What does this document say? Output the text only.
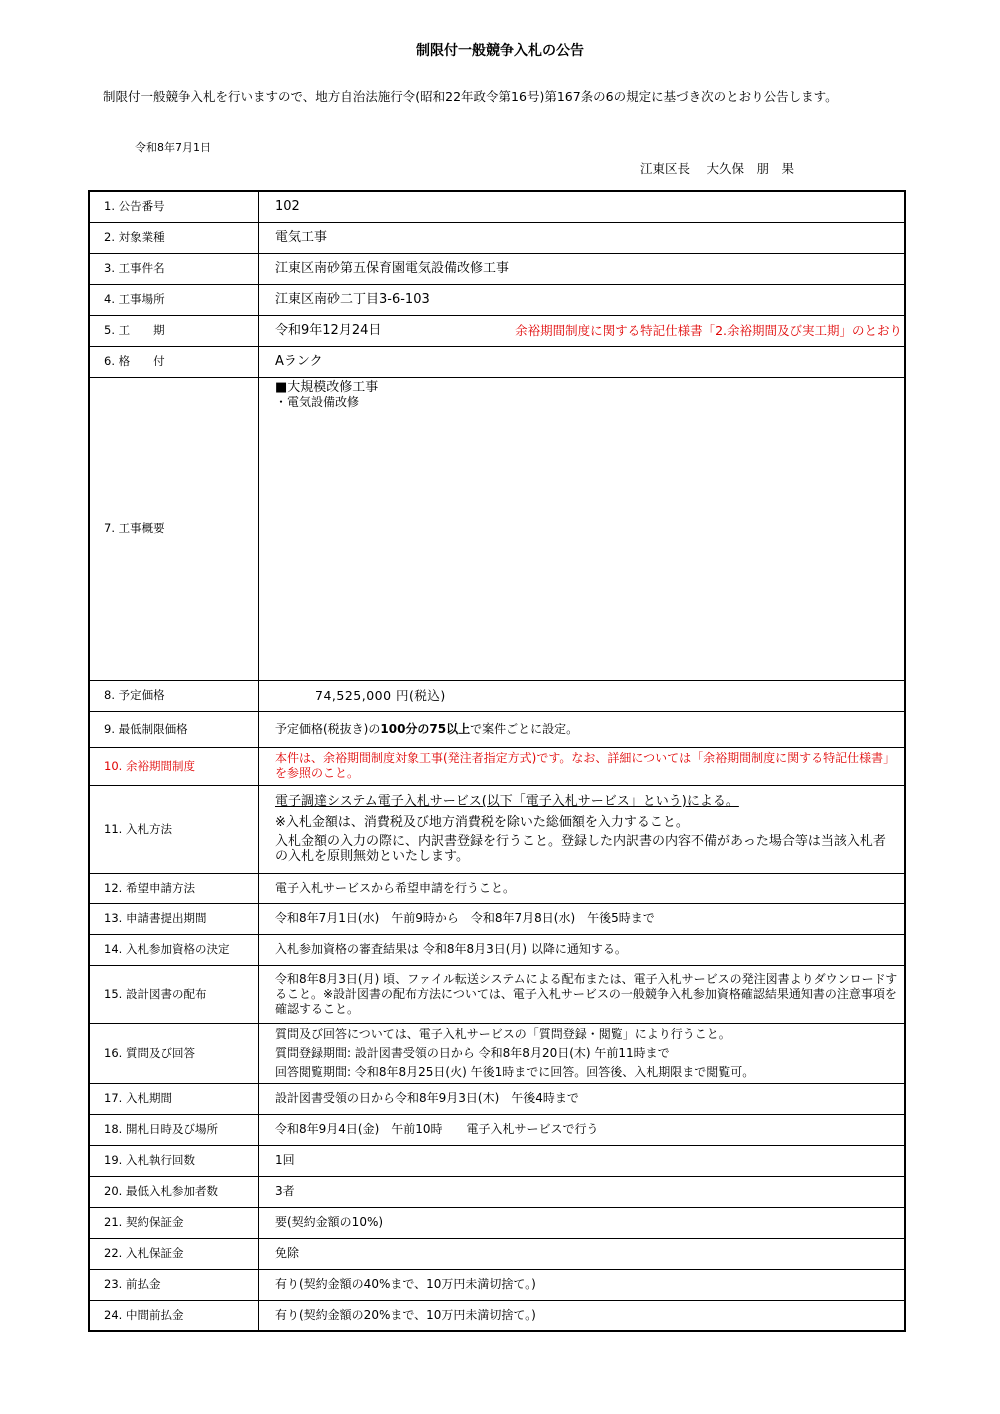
制限付一般競争入札の公告
制限付一般競争入札を行いますので、地方自治法施行令(昭和22年政令第16号)第167条の6の規定に基づき次のとおり公告します。
令和8年7月1日
江東区長　 大久保　朋　果
1. 公告番号	102
2. 対象業種	電気工事
3. 工事件名	江東区南砂第五保育園電気設備改修工事
4. 工事場所	江東区南砂二丁目3-6-103
5. 工　　期	令和9年12月24日 余裕期間制度に関する特記仕様書「2.余裕期間及び実工期」のとおり

6. 格　　付	Aランク
7. 工事概要	■大規模改修工事
・電気設備改修

8. 予定価格	74,525,000 円(税込)
9. 最低制限価格	予定価格(税抜き)の100分の75以上で案件ごとに設定。
10. 余裕期間制度	本件は、余裕期間制度対象工事(発注者指定方式)です。なお、詳細については「余裕期間制度に関する特記仕様書」を参照のこと。
11. 入札方法	電子調達システム電子入札サービス(以下「電子入札サービス」という)による。
※入札金額は、消費税及び地方消費税を除いた総価額を入力すること。
入札金額の入力の際に、内訳書登録を行うこと。登録した内訳書の内容不備があった場合等は当該入札者の入札を原則無効といたします。

12. 希望申請方法	電子入札サービスから希望申請を行うこと。
13. 申請書提出期間	令和8年7月1日(水)　午前9時から　令和8年7月8日(水)　午後5時まで
14. 入札参加資格の決定	入札参加資格の審査結果は 令和8年8月3日(月) 以降に通知する。
15. 設計図書の配布	令和8年8月3日(月) 頃、ファイル転送システムによる配布または、電子入札サービスの発注図書よりダウンロードすること。※設計図書の配布方法については、電子入札サービスの一般競争入札参加資格確認結果通知書の注意事項を確認すること。
16. 質問及び回答	質問及び回答については、電子入札サービスの「質問登録・閲覧」により行うこと。
質問登録期間: 設計図書受領の日から 令和8年8月20日(木) 午前11時まで
回答閲覧期間: 令和8年8月25日(火) 午後1時までに回答。回答後、入札期限まで閲覧可。

17. 入札期間	設計図書受領の日から令和8年9月3日(木)　午後4時まで
18. 開札日時及び場所	令和8年9月4日(金)　午前10時　　電子入札サービスで行う
19. 入札執行回数	1回
20. 最低入札参加者数	3者
21. 契約保証金	要(契約金額の10%)
22. 入札保証金	免除
23. 前払金	有り(契約金額の40%まで、10万円未満切捨て。)
24. 中間前払金	有り(契約金額の20%まで、10万円未満切捨て。)
